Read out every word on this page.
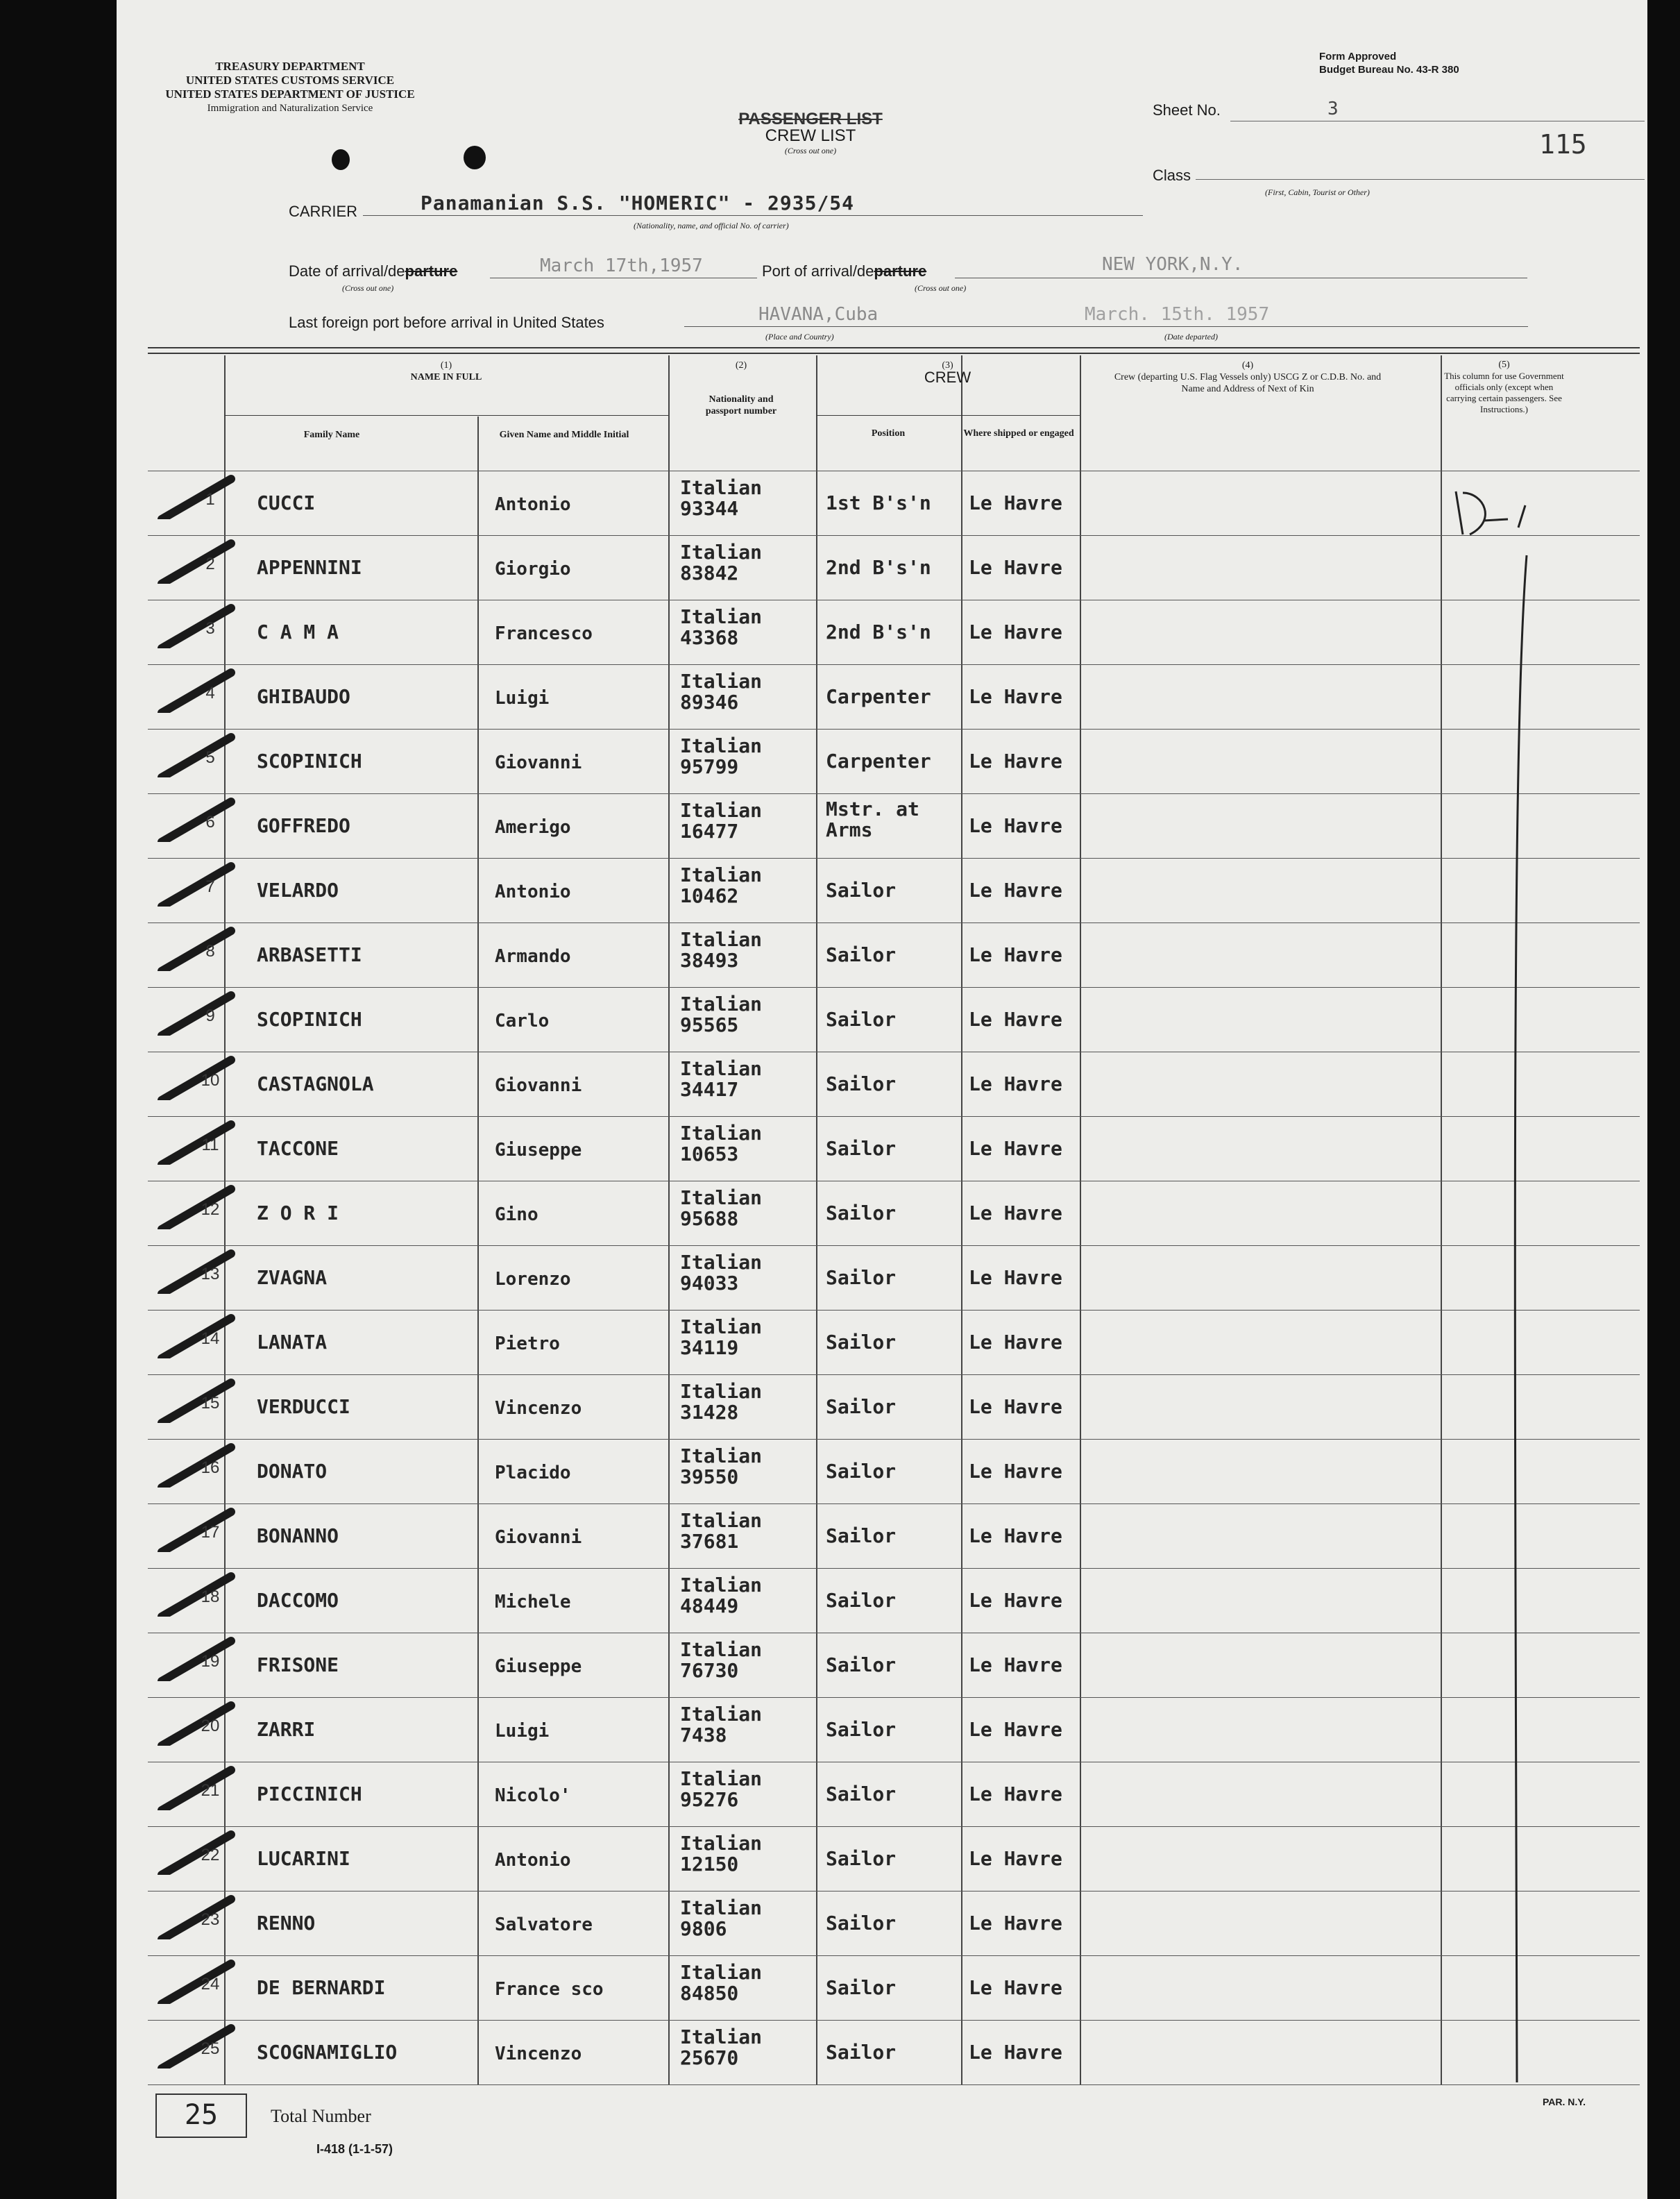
TREASURY DEPARTMENT
UNITED STATES CUSTOMS SERVICE
UNITED STATES DEPARTMENT OF JUSTICE
Immigration and Naturalization Service
PASSENGER LIST
CREW LIST
(Cross out one)
Form Approved
Budget Bureau No. 43-R 380
Sheet No.	3
115
Class
(First, Cabin, Tourist or Other)
CARRIER	Panamanian S.S. "HOMERIC" - 2935/54
(Nationality, name, and official No. of carrier)
Date of arrival/departure	March 17th,1957
(Cross out one)
Port of arrival/departure	NEW YORK,N.Y.
(Cross out one)
Last foreign port before arrival in United States	HAVANA,Cuba
(Place and Country)
March. 15th. 1957
(Date departed)
(1)
NAME IN FULL
Family Name	Given Name and Middle Initial
(2)
Nationality and passport number
(3)
CREW
Position	Where shipped or engaged
(4)
Crew (departing U.S. Flag Vessels only) USCG Z or C.D.B. No. and Name and Address of Next of Kin
(5)
This column for use Government officials only (except when carrying certain passengers. See Instructions.)
1	CUCCI	Antonio
Italian
93344	1st B's'n Le Havre
2	APPENNINI	Giorgio
Italian
83842	2nd B's'n Le Havre
3	C A M A	Francesco
Italian
43368	2nd B's'n Le Havre
4	GHIBAUDO	Luigi
Italian
89346	Carpenter Le Havre
5	SCOPINICH	Giovanni
Italian
95799	Carpenter Le Havre
6	GOFFREDO	Amerigo
Italian
16477
Mstr. at Arms	Le Havre
7	VELARDO	Antonio
Italian
10462	Sailor	Le Havre
8	ARBASETTI	Armando
Italian
38493	Sailor	Le Havre
9	SCOPINICH	Carlo
Italian
95565	Sailor	Le Havre
10	CASTAGNOLA	Giovanni
Italian
34417	Sailor	Le Havre
11	TACCONE	Giuseppe
Italian
10653	Sailor	Le Havre
12	Z O R I	Gino
Italian
95688	Sailor	Le Havre
13	ZVAGNA	Lorenzo
Italian
94033	Sailor	Le Havre
14	LANATA	Pietro
Italian
34119	Sailor	Le Havre
15	VERDUCCI	Vincenzo
Italian
31428	Sailor	Le Havre
16	DONATO	Placido
Italian
39550	Sailor	Le Havre
17	BONANNO	Giovanni
Italian
37681	Sailor	Le Havre
18	DACCOMO	Michele
Italian
48449	Sailor	Le Havre
19	FRISONE	Giuseppe
Italian
76730	Sailor	Le Havre
20	ZARRI	Luigi
Italian
7438	Sailor	Le Havre
21	PICCINICH	Nicolo'
Italian
95276	Sailor	Le Havre
22	LUCARINI	Antonio
Italian
12150	Sailor	Le Havre
23	RENNO	Salvatore
Italian
9806	Sailor	Le Havre
24	DE BERNARDI	France sco
Italian
84850	Sailor	Le Havre
25	SCOGNAMIGLIO	Vincenzo
Italian
25670	Sailor	Le Havre
25	Total Number
I-418 (1-1-57)
PAR. N.Y.
